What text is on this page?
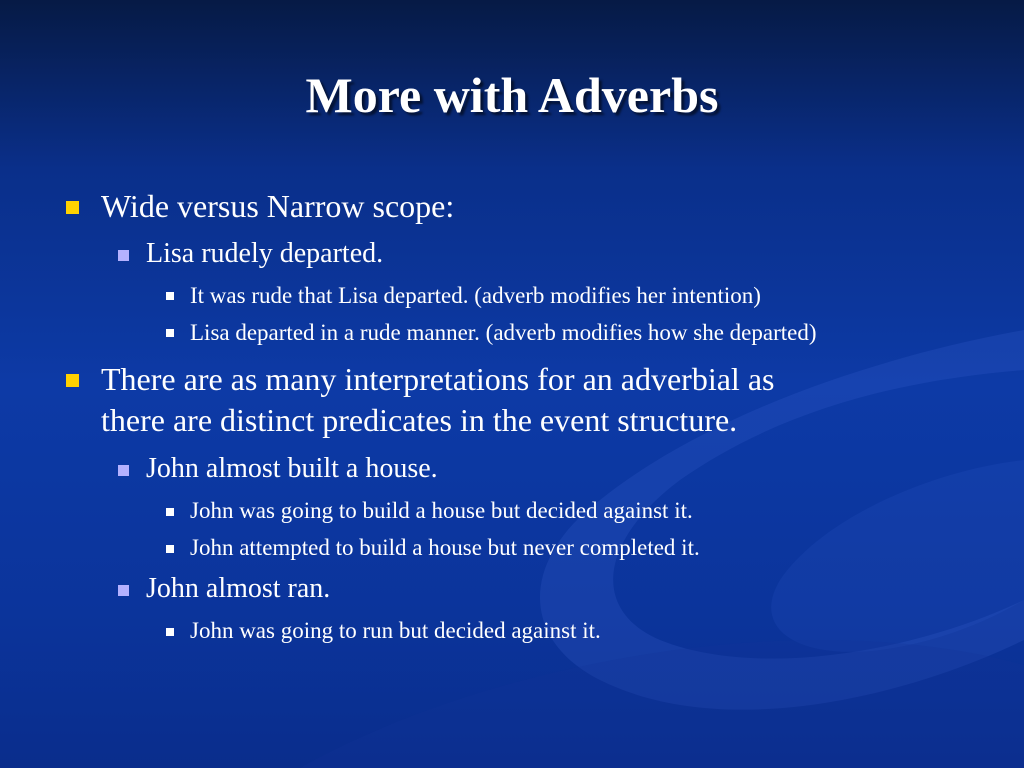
More with Adverbs
Wide versus Narrow scope:
Lisa rudely departed.
It was rude that Lisa departed. (adverb modifies her intention)
Lisa departed in a rude manner. (adverb modifies how she departed)
There are as many interpretations for an adverbial as
there are distinct predicates in the event structure.
John almost built a house.
John was going to build a house but decided against it.
John attempted to build a house but never completed it.
John almost ran.
John was going to run but decided against it.
